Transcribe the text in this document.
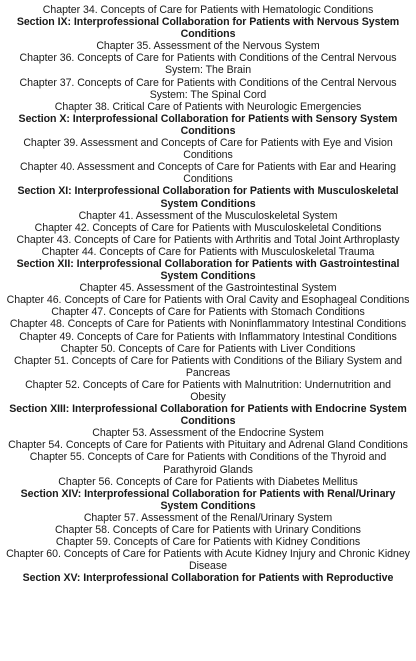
Chapter 34. Concepts of Care for Patients with Hematologic Conditions

Section IX: Interprofessional Collaboration for Patients with Nervous System Conditions

Chapter 35. Assessment of the Nervous System

Chapter 36. Concepts of Care for Patients with Conditions of the Central Nervous System: The Brain

Chapter 37. Concepts of Care for Patients with Conditions of the Central Nervous System: The Spinal Cord

Chapter 38. Critical Care of Patients with Neurologic Emergencies

Section X: Interprofessional Collaboration for Patients with Sensory System Conditions

Chapter 39. Assessment and Concepts of Care for Patients with Eye and Vision Conditions

Chapter 40. Assessment and Concepts of Care for Patients with Ear and Hearing Conditions

Section XI: Interprofessional Collaboration for Patients with Musculoskeletal System Conditions

Chapter 41. Assessment of the Musculoskeletal System

Chapter 42. Concepts of Care for Patients with Musculoskeletal Conditions

Chapter 43. Concepts of Care for Patients with Arthritis and Total Joint Arthroplasty

Chapter 44. Concepts of Care for Patients with Musculoskeletal Trauma

Section XII: Interprofessional Collaboration for Patients with Gastrointestinal System Conditions

Chapter 45. Assessment of the Gastrointestinal System

Chapter 46. Concepts of Care for Patients with Oral Cavity and Esophageal Conditions

Chapter 47. Concepts of Care for Patients with Stomach Conditions

Chapter 48. Concepts of Care for Patients with Noninflammatory Intestinal Conditions

Chapter 49. Concepts of Care for Patients with Inflammatory Intestinal Conditions

Chapter 50. Concepts of Care for Patients with Liver Conditions

Chapter 51. Concepts of Care for Patients with Conditions of the Biliary System and Pancreas

Chapter 52. Concepts of Care for Patients with Malnutrition: Undernutrition and Obesity

Section XIII: Interprofessional Collaboration for Patients with Endocrine System Conditions

Chapter 53. Assessment of the Endocrine System

Chapter 54. Concepts of Care for Patients with Pituitary and Adrenal Gland Conditions

Chapter 55. Concepts of Care for Patients with Conditions of the Thyroid and Parathyroid Glands

Chapter 56. Concepts of Care for Patients with Diabetes Mellitus

Section XIV: Interprofessional Collaboration for Patients with Renal/Urinary System Conditions

Chapter 57. Assessment of the Renal/Urinary System

Chapter 58. Concepts of Care for Patients with Urinary Conditions

Chapter 59. Concepts of Care for Patients with Kidney Conditions

Chapter 60. Concepts of Care for Patients with Acute Kidney Injury and Chronic Kidney Disease

Section XV: Interprofessional Collaboration for Patients with Reproductive
